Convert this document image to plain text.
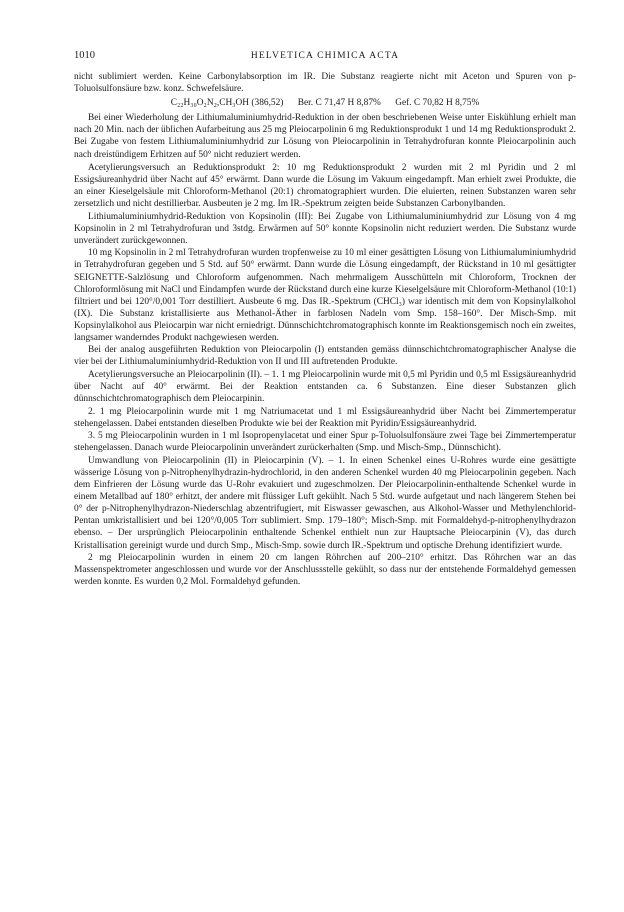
1010	HELVETICA CHIMICA ACTA

nicht sublimiert werden. Keine Carbonylabsorption im IR. Die Substanz reagierte nicht mit Aceton und Spuren von p-Toluolsulfonsäure bzw. konz. Schwefelsäure.

C₂₂H₃₀O₂N₂,CH₃OH (386,52) Ber. C 71,47 H 8,87% Gef. C 70,82 H 8,75%

Bei einer Wiederholung der Lithiumaluminiumhydrid-Reduktion in der oben beschriebenen Weise unter Eiskühlung erhielt man nach 20 Min. nach der üblichen Aufarbeitung aus 25 mg Pleiocarpolinin 6 mg Reduktionsprodukt 1 und 14 mg Reduktionsprodukt 2. Bei Zugabe von festem Lithiumaluminiumhydrid zur Lösung von Pleiocarpolinin in Tetrahydrofuran konnte Pleiocarpolinin auch nach dreistündigem Erhitzen auf 50° nicht reduziert werden.

Acetylierungsversuch an Reduktionsprodukt 2: 10 mg Reduktionsprodukt 2 wurden mit 2 ml Pyridin und 2 ml Essigsäureanhydrid über Nacht auf 45° erwärmt. Dann wurde die Lösung im Vakuum eingedampft. Man erhielt zwei Produkte, die an einer Kieselgelsäule mit Chloroform-Methanol (20:1) chromatographiert wurden. Die eluierten, reinen Substanzen waren sehr zersetzlich und nicht destillierbar. Ausbeuten je 2 mg. Im IR.-Spektrum zeigten beide Substanzen Carbonylbanden.

Lithiumaluminiumhydrid-Reduktion von Kopsinolin (III): Bei Zugabe von Lithiumaluminiumhydrid zur Lösung von 4 mg Kopsinolin in 2 ml Tetrahydrofuran und 3stdg. Erwärmen auf 50° konnte Kopsinolin nicht reduziert werden. Die Substanz wurde unverändert zurückgewonnen.

10 mg Kopsinolin in 2 ml Tetrahydrofuran wurden tropfenweise zu 10 ml einer gesättigten Lösung von Lithiumaluminiumhydrid in Tetrahydrofuran gegeben und 5 Std. auf 50° erwärmt. Dann wurde die Lösung eingedampft, der Rückstand in 10 ml gesättigter SEIGNETTE-Salzlösung und Chloroform aufgenommen. Nach mehrmaligem Ausschütteln mit Chloroform, Trocknen der Chloroformlösung mit NaCl und Eindampfen wurde der Rückstand durch eine kurze Kieselgelsäure mit Chloroform-Methanol (10:1) filtriert und bei 120°/0,001 Torr destilliert. Ausbeute 6 mg. Das IR.-Spektrum (CHCl₃) war identisch mit dem von Kopsinylalkohol (IX). Die Substanz kristallisierte aus Methanol-Äther in farblosen Nadeln vom Smp. 158–160°. Der Misch-Smp. mit Kopsinylalkohol aus Pleiocarpin war nicht erniedrigt. Dünnschichtchromatographisch konnte im Reaktionsgemisch noch ein zweites, langsamer wanderndes Produkt nachgewiesen werden.

Bei der analog ausgeführten Reduktion von Pleiocarpolin (I) entstanden gemäss dünnschichtchromatographischer Analyse die vier bei der Lithiumaluminiumhydrid-Reduktion von II und III auftretenden Produkte.

Acetylierungsversuche an Pleiocarpolinin (II). – 1. 1 mg Pleiocarpolinin wurde mit 0,5 ml Pyridin und 0,5 ml Essigsäureanhydrid über Nacht auf 40° erwärmt. Bei der Reaktion entstanden ca. 6 Substanzen. Eine dieser Substanzen glich dünnschichtchromatographisch dem Pleiocarpinin.

2. 1 mg Pleiocarpolinin wurde mit 1 mg Natriumacetat und 1 ml Essigsäureanhydrid über Nacht bei Zimmertemperatur stehengelassen. Dabei entstanden dieselben Produkte wie bei der Reaktion mit Pyridin/Essigsäureanhydrid.

3. 5 mg Pleiocarpolinin wurden in 1 ml Isopropenylacetat und einer Spur p-Toluolsulfonsäure zwei Tage bei Zimmertemperatur stehengelassen. Danach wurde Pleiocarpolinin unverändert zurückerhalten (Smp. und Misch-Smp., Dünnschicht).

Umwandlung von Pleiocarpolinin (II) in Pleiocarpinin (V). – 1. In einen Schenkel eines U-Rohres wurde eine gesättigte wässerige Lösung von p-Nitrophenylhydrazin-hydrochlorid, in den anderen Schenkel wurden 40 mg Pleiocarpolinin gegeben. Nach dem Einfrieren der Lösung wurde das U-Rohr evakuiert und zugeschmolzen. Der Pleiocarpolinin-enthaltende Schenkel wurde in einem Metallbad auf 180° erhitzt, der andere mit flüssiger Luft gekühlt. Nach 5 Std. wurde aufgetaut und nach längerem Stehen bei 0° der p-Nitrophenylhydrazon-Niederschlag abzentrifugiert, mit Eiswasser gewaschen, aus Alkohol-Wasser und Methylenchlorid-Pentan umkristallisiert und bei 120°/0,005 Torr sublimiert. Smp. 179–180°; Misch-Smp. mit Formaldehyd-p-nitrophenylhydrazon ebenso. – Der ursprünglich Pleiocarpolinin enthaltende Schenkel enthielt nun zur Hauptsache Pleiocarpinin (V), das durch Kristallisation gereinigt wurde und durch Smp., Misch-Smp. sowie durch IR.-Spektrum und optische Drehung identifiziert wurde.

2 mg Pleiocarpolinin wurden in einem 20 cm langen Röhrchen auf 200–210° erhitzt. Das Röhrchen war an das Massenspektrometer angeschlossen und wurde vor der Anschlussstelle gekühlt, so dass nur der entstehende Formaldehyd gemessen werden konnte. Es wurden 0,2 Mol. Formaldehyd gefunden.
